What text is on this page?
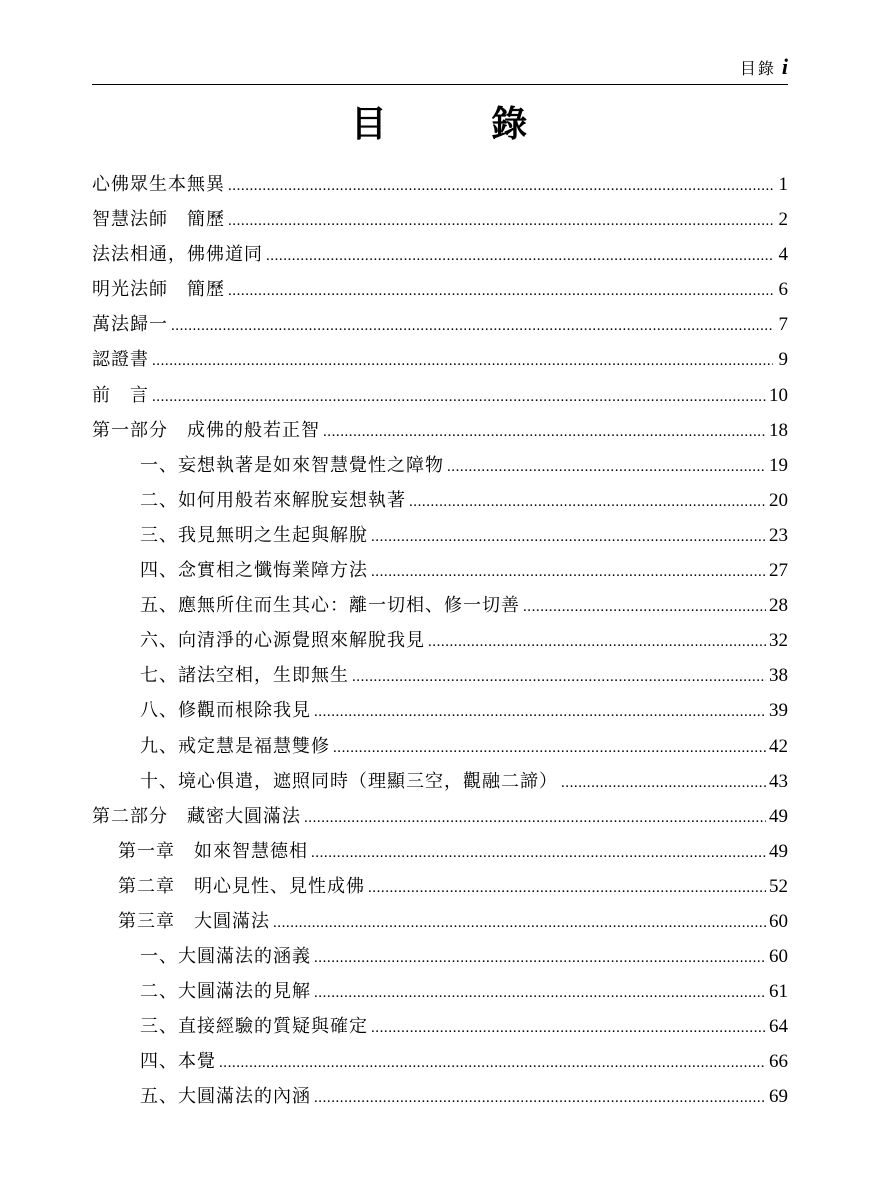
目錄 i
目 錄
心佛眾生本無異 . . .	1
智慧法師　簡歷 . . .	2
法法相通，佛佛道同 . . .	4
明光法師　簡歷 . . .	6
萬法歸一 . . .	7
認證書 . . .	9
前　言 . . .	10
第一部分　成佛的般若正智 . . .	18
一、妄想執著是如來智慧覺性之障物 . . .	19
二、如何用般若來解脫妄想執著 . . .	20
三、我見無明之生起與解脫 . . .	23
四、念實相之懺悔業障方法 . . .	27
五、應無所住而生其心：離一切相、修一切善 . . .	28
六、向清淨的心源覺照來解脫我見 . . .	32
七、諸法空相，生即無生 . . .	38
八、修觀而根除我見 . . .	39
九、戒定慧是福慧雙修 . . .	42
十、境心俱遣，遮照同時（理顯三空，觀融二諦） . . .	43
第二部分　藏密大圓滿法 . . .	49
第一章　如來智慧德相 . . .	49
第二章　明心見性、見性成佛 . . .	52
第三章　大圓滿法 . . .	60
一、大圓滿法的涵義 . . .	60
二、大圓滿法的見解 . . .	61
三、直接經驗的質疑與確定 . . .	64
四、本覺 . . .	66
五、大圓滿法的內涵 . . .	69
